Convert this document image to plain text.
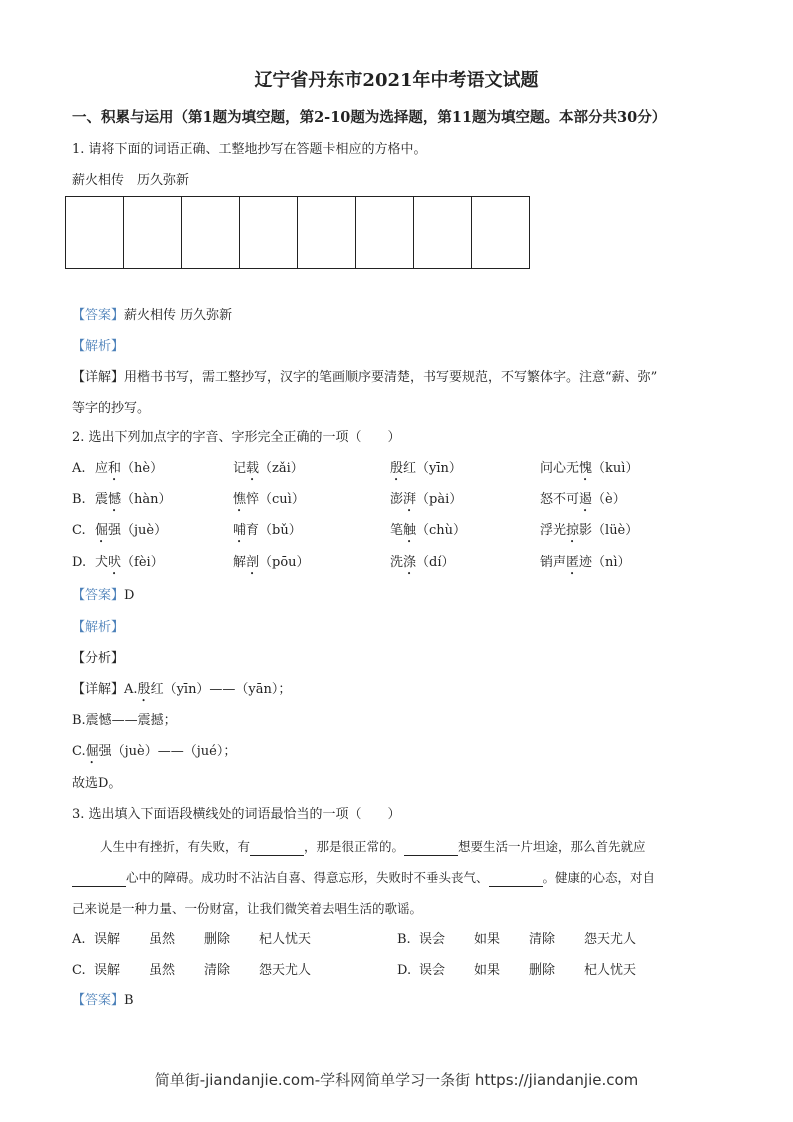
辽宁省丹东市2021年中考语文试题
一、积累与运用（第1题为填空题，第2-10题为选择题，第11题为填空题。本部分共30分）
1. 请将下面的词语正确、工整地抄写在答题卡相应的方格中。
薪火相传　历久弥新
【答案】薪火相传 历久弥新
【解析】
【详解】用楷书书写，需工整抄写，汉字的笔画顺序要清楚，书写要规范，不写繁体字。注意“薪、弥”
等字的抄写。
2. 选出下列加点字的字音、字形完全正确的一项（　　）
A. 应和（hè）	记载（zǎi）	殷红（yīn）	问心无愧（kuì）
B. 震憾（hàn）	憔悴（cuì）	澎湃（pài）	怒不可遏（è）
C. 倔强（juè）	哺育（bǔ）	笔触（chù）	浮光掠影（lüè）
D. 犬吠（fèi）	解剖（pōu）	洗涤（dí）	销声匿迹（nì）
【答案】D
【解析】
【分析】
【详解】A.殷红（yīn）——（yān）；
B.震憾——震撼；
C.倔强（juè）——（jué）；
故选D。
3. 选出填入下面语段横线处的词语最恰当的一项（　　）
人生中有挫折，有失败，有	，那是很正常的。	想要生活一片坦途，那么首先就应
心中的障碍。成功时不沾沾自喜、得意忘形，失败时不垂头丧气、	。健康的心态，对自
己来说是一种力量、一份财富，让我们微笑着去唱生活的歌谣。
A. 误解 虽然 删除 杞人忧天	B. 误会 如果 清除 怨天尤人
C. 误解 虽然 清除 怨天尤人	D. 误会 如果 删除 杞人忧天
【答案】B
简单街-jiandanjie.com-学科网简单学习一条街 https://jiandanjie.com
